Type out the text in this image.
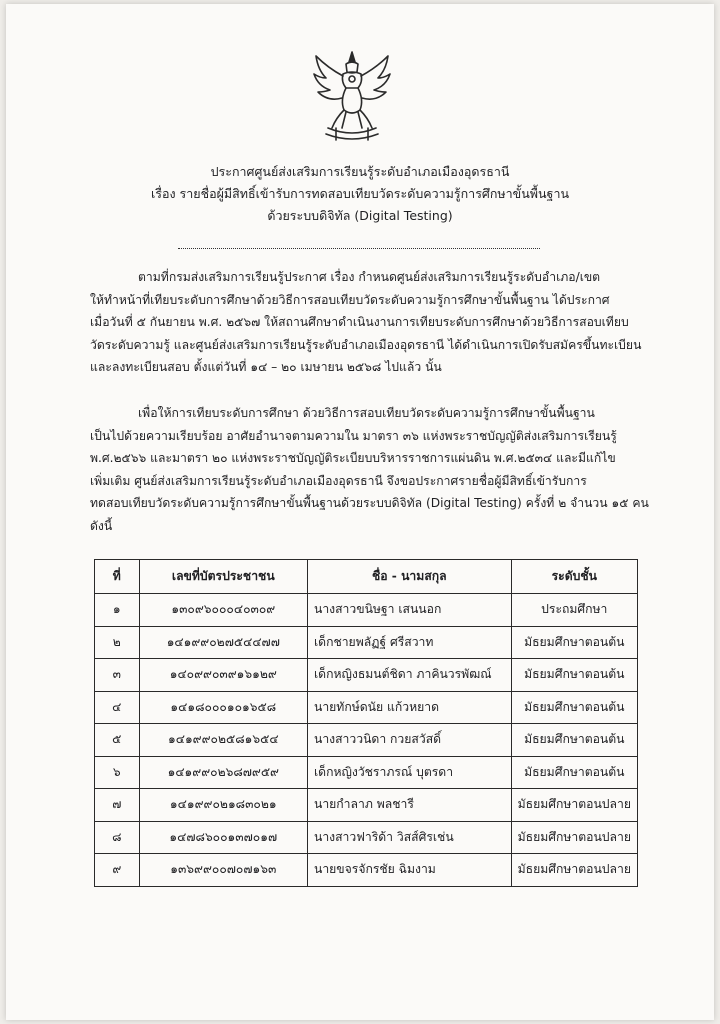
ประกาศศูนย์ส่งเสริมการเรียนรู้ระดับอำเภอเมืองอุดรธานี
เรื่อง รายชื่อผู้มีสิทธิ์เข้ารับการทดสอบเทียบวัดระดับความรู้การศึกษาขั้นพื้นฐาน
ด้วยระบบดิจิทัล (Digital Testing)
ตามที่กรมส่งเสริมการเรียนรู้ประกาศ เรื่อง กำหนดศูนย์ส่งเสริมการเรียนรู้ระดับอำเภอ/เขต
ให้ทำหน้าที่เทียบระดับการศึกษาด้วยวิธีการสอบเทียบวัดระดับความรู้การศึกษาขั้นพื้นฐาน ได้ประกาศ
เมื่อวันที่ ๕ กันยายน พ.ศ. ๒๕๖๗ ให้สถานศึกษาดำเนินงานการเทียบระดับการศึกษาด้วยวิธีการสอบเทียบ
วัดระดับความรู้ และศูนย์ส่งเสริมการเรียนรู้ระดับอำเภอเมืองอุดรธานี ได้ดำเนินการเปิดรับสมัครขึ้นทะเบียน
และลงทะเบียนสอบ ตั้งแต่วันที่ ๑๔ – ๒๐ เมษายน ๒๕๖๘ ไปแล้ว นั้น
เพื่อให้การเทียบระดับการศึกษา ด้วยวิธีการสอบเทียบวัดระดับความรู้การศึกษาขั้นพื้นฐาน
เป็นไปด้วยความเรียบร้อย อาศัยอำนาจตามความใน มาตรา ๓๖ แห่งพระราชบัญญัติส่งเสริมการเรียนรู้
พ.ศ.๒๕๖๖ และมาตรา ๒๐ แห่งพระราชบัญญัติระเบียบบริหารราชการแผ่นดิน พ.ศ.๒๕๓๔ และมีแก้ไข
เพิ่มเติม ศูนย์ส่งเสริมการเรียนรู้ระดับอำเภอเมืองอุดรธานี จึงขอประกาศรายชื่อผู้มีสิทธิ์เข้ารับการ
ทดสอบเทียบวัดระดับความรู้การศึกษาขั้นพื้นฐานด้วยระบบดิจิทัล (Digital Testing) ครั้งที่ ๒ จำนวน ๑๕ คน
ดังนี้
ที่	เลขที่บัตรประชาชน	ชื่อ - นามสกุล	ระดับชั้น
๑	๑๓๐๙๖๐๐๐๔๐๓๐๙	นางสาวขนิษฐา เสนนอก	ประถมศึกษา
๒	๑๔๑๙๙๐๒๗๕๔๔๗๗	เด็กชายพลัฏฐ์ ศรีสวาท	มัธยมศึกษาตอนต้น
๓	๑๔๐๙๙๐๓๙๑๖๑๒๙	เด็กหญิงธมนต์ชิดา ภาคินวรพัฒณ์	มัธยมศึกษาตอนต้น
๔	๑๔๑๘๐๐๐๑๐๑๖๕๘	นายทักษ์ดนัย แก้วหยาด	มัธยมศึกษาตอนต้น
๕	๑๔๑๙๙๐๒๕๘๑๖๕๔	นางสาววนิดา กวยสวัสดิ์	มัธยมศึกษาตอนต้น
๖	๑๔๑๙๙๐๒๖๘๗๙๕๙	เด็กหญิงวัชราภรณ์ บุตรดา	มัธยมศึกษาตอนต้น
๗	๑๔๑๙๙๐๒๑๘๓๐๒๑	นายกำลาภ พลชารี	มัธยมศึกษาตอนปลาย
๘	๑๔๗๘๖๐๐๑๓๗๐๑๗	นางสาวฟาริด้า วิสส์ศิรเช่น	มัธยมศึกษาตอนปลาย
๙	๑๓๖๙๙๐๐๗๐๗๑๖๓	นายขจรจักรชัย ฉิมงาม	มัธยมศึกษาตอนปลาย
